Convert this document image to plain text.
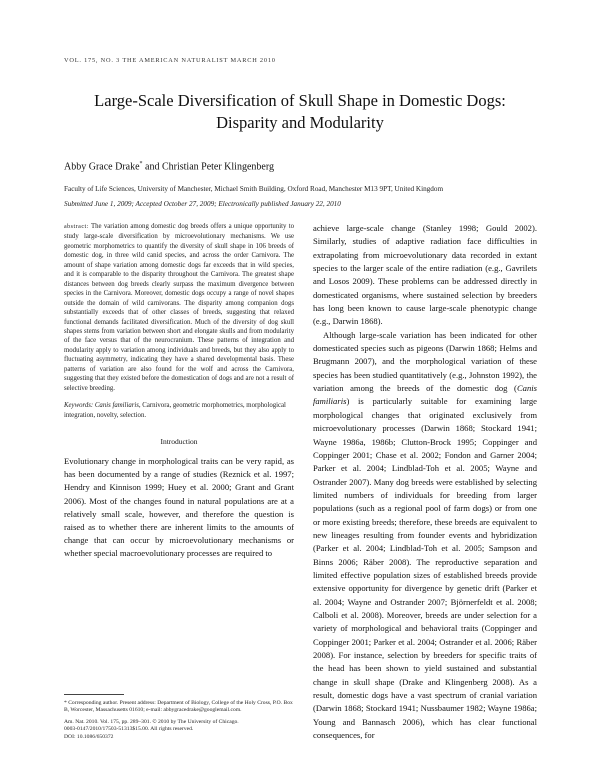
VOL. 175, NO. 3 THE AMERICAN NATURALIST MARCH 2010
Large-Scale Diversification of Skull Shape in Domestic Dogs: Disparity and Modularity
Abby Grace Drake* and Christian Peter Klingenberg
Faculty of Life Sciences, University of Manchester, Michael Smith Building, Oxford Road, Manchester M13 9PT, United Kingdom
Submitted June 1, 2009; Accepted October 27, 2009; Electronically published January 22, 2010
abstract: The variation among domestic dog breeds offers a unique opportunity to study large-scale diversification by microevolutionary mechanisms. We use geometric morphometrics to quantify the diversity of skull shape in 106 breeds of domestic dog, in three wild canid species, and across the order Carnivora. The amount of shape variation among domestic dogs far exceeds that in wild species, and it is comparable to the disparity throughout the Carnivora. The greatest shape distances between dog breeds clearly surpass the maximum divergence between species in the Carnivora. Moreover, domestic dogs occupy a range of novel shapes outside the domain of wild carnivorans. The disparity among companion dogs substantially exceeds that of other classes of breeds, suggesting that relaxed functional demands facilitated diversification. Much of the diversity of dog skull shapes stems from variation between short and elongate skulls and from modularity of the face versus that of the neurocranium. These patterns of integration and modularity apply to variation among individuals and breeds, but they also apply to fluctuating asymmetry, indicating they have a shared developmental basis. These patterns of variation are also found for the wolf and across the Carnivora, suggesting that they existed before the domestication of dogs and are not a result of selective breeding.
Keywords: Canis familiaris, Carnivora, geometric morphometrics, morphological integration, novelty, selection.
Introduction
Evolutionary change in morphological traits can be very rapid, as has been documented by a range of studies (Reznick et al. 1997; Hendry and Kinnison 1999; Huey et al. 2000; Grant and Grant 2006). Most of the changes found in natural populations are at a relatively small scale, however, and therefore the question is raised as to whether there are inherent limits to the amounts of change that can occur by microevolutionary mechanisms or whether special macroevolutionary processes are required to

achieve large-scale change (Stanley 1998; Gould 2002). Similarly, studies of adaptive radiation face difficulties in extrapolating from microevolutionary data recorded in extant species to the larger scale of the entire radiation (e.g., Gavrilets and Losos 2009). These problems can be addressed directly in domesticated organisms, where sustained selection by breeders has long been known to cause large-scale phenotypic change (e.g., Darwin 1868).

Although large-scale variation has been indicated for other domesticated species such as pigeons (Darwin 1868; Helms and Brugmann 2007), and the morphological variation of these species has been studied quantitatively (e.g., Johnston 1992), the variation among the breeds of the domestic dog (Canis familiaris) is particularly suitable for examining large morphological changes that originated exclusively from microevolutionary processes (Darwin 1868; Stockard 1941; Wayne 1986a, 1986b; Clutton-Brock 1995; Coppinger and Coppinger 2001; Chase et al. 2002; Fondon and Garner 2004; Parker et al. 2004; Lindblad-Toh et al. 2005; Wayne and Ostrander 2007). Many dog breeds were established by selecting limited numbers of individuals for breeding from larger populations (such as a regional pool of farm dogs) or from one or more existing breeds; therefore, these breeds are equivalent to new lineages resulting from founder events and hybridization (Parker et al. 2004; Lindblad-Toh et al. 2005; Sampson and Binns 2006; Räber 2008). The reproductive separation and limited effective population sizes of established breeds provide extensive opportunity for divergence by genetic drift (Parker et al. 2004; Wayne and Ostrander 2007; Björnerfeldt et al. 2008; Calboli et al. 2008). Moreover, breeds are under selection for a variety of morphological and behavioral traits (Coppinger and Coppinger 2001; Parker et al. 2004; Ostrander et al. 2006; Räber 2008). For instance, selection by breeders for specific traits of the head has been shown to yield sustained and substantial change in skull shape (Drake and Klingenberg 2008). As a result, domestic dogs have a vast spectrum of cranial variation (Darwin 1868; Stockard 1941; Nussbaumer 1982; Wayne 1986a; Young and Bannasch 2006), which has clear functional consequences, for

* Corresponding author. Present address: Department of Biology, College of the Holy Cross, P.O. Box B, Worcester, Massachusetts 01610; e-mail: abbygracedrake@googlemail.com.
Am. Nat. 2010. Vol. 175, pp. 289–301. © 2010 by The University of Chicago.
0003-0147/2010/17503-51313$15.00. All rights reserved.
DOI: 10.1086/650372
